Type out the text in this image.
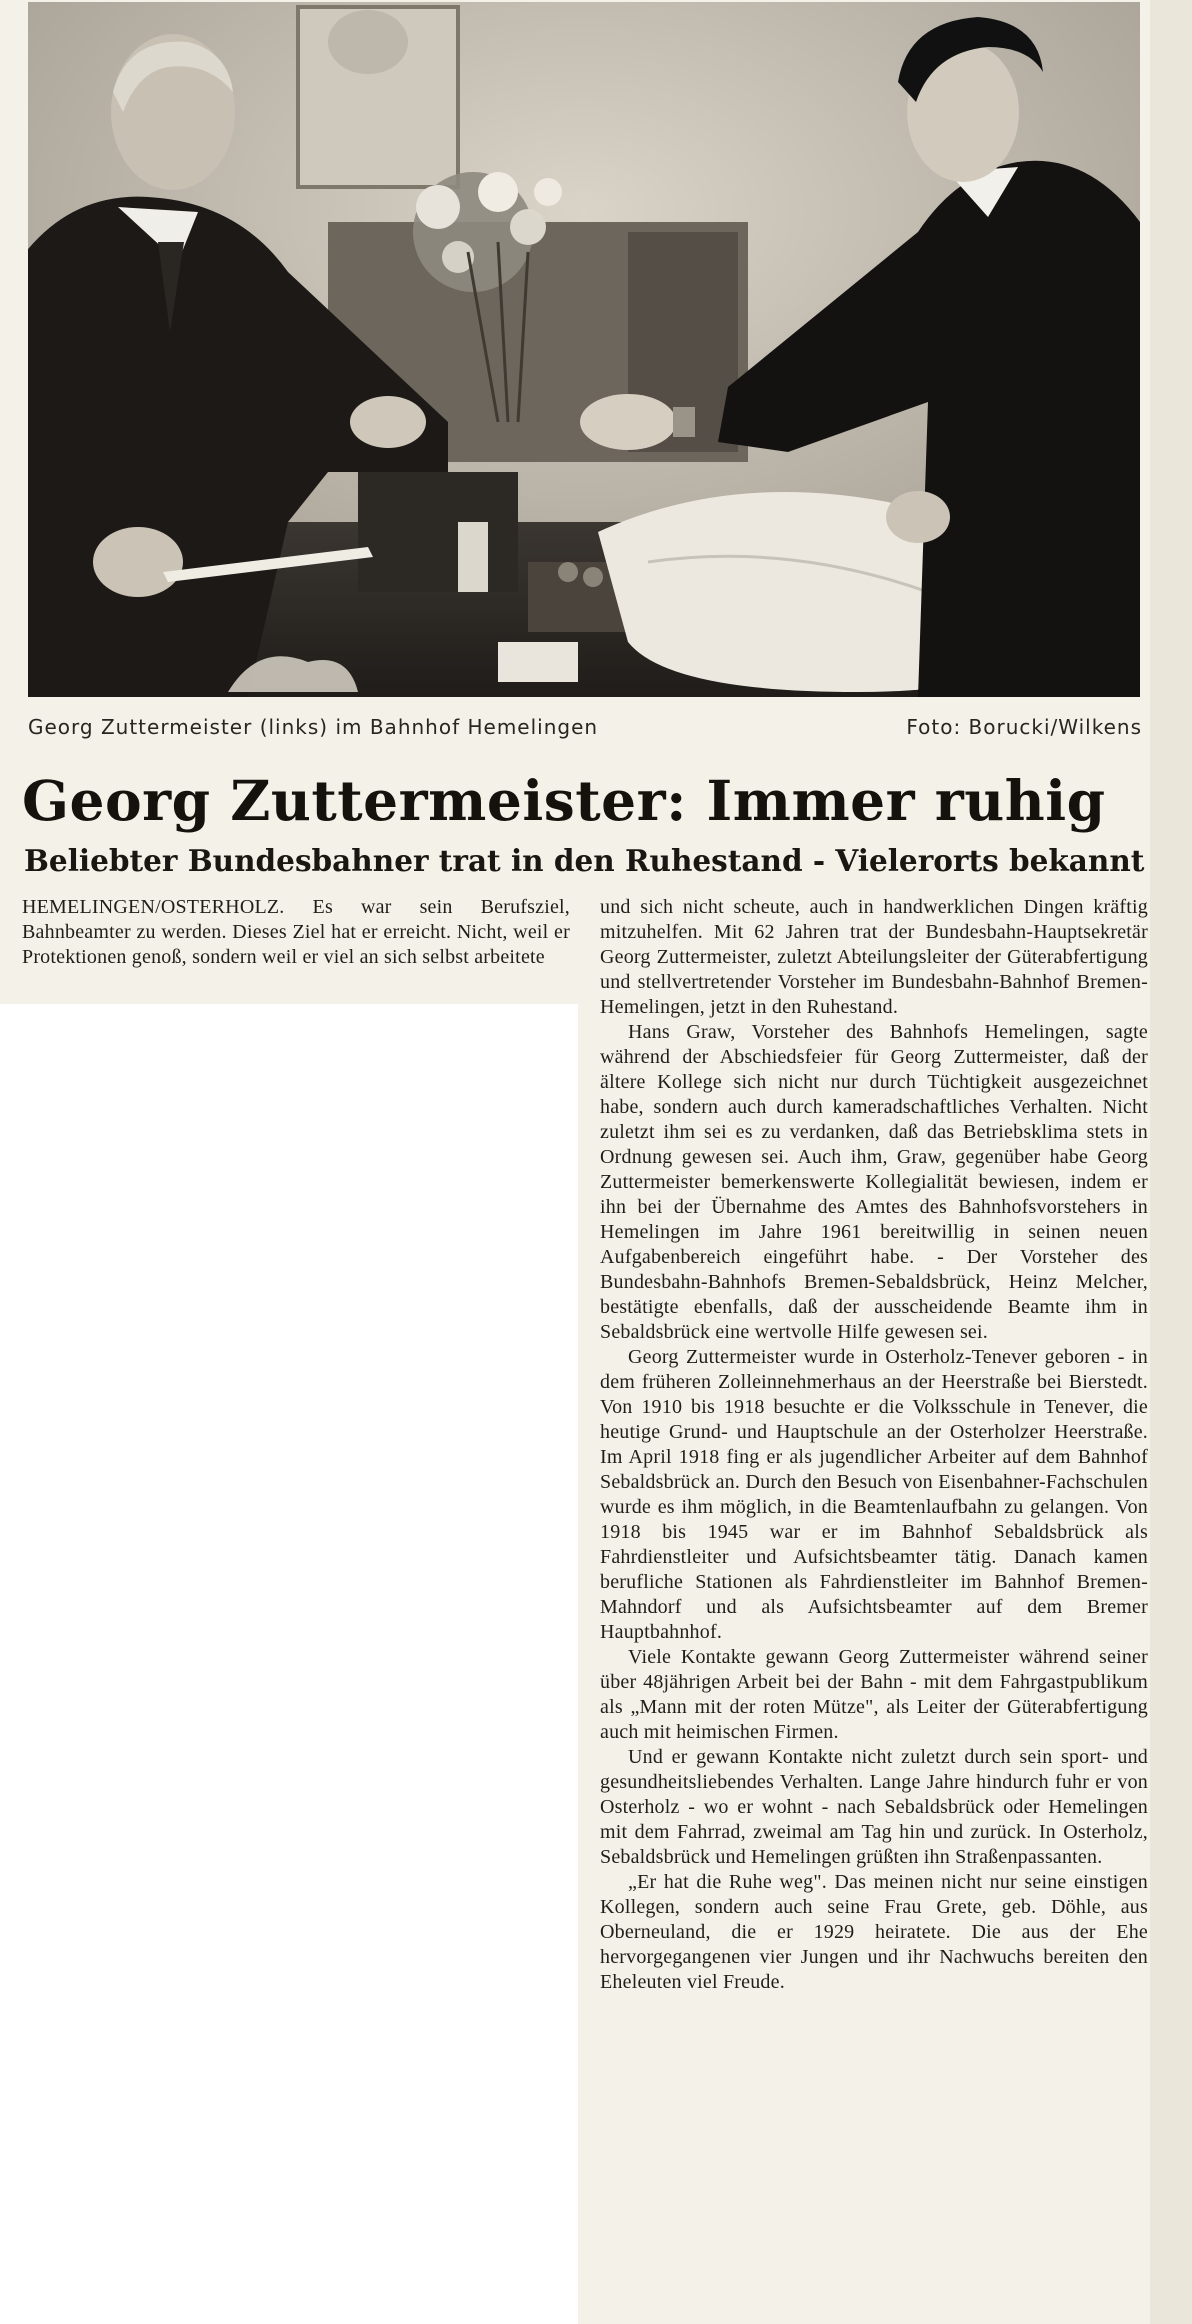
Georg Zuttermeister (links) im Bahnhof Hemelingen	Foto: Borucki/Wilkens
Georg Zuttermeister: Immer ruhig
Beliebter Bundesbahner trat in den Ruhestand - Vielerorts bekannt

HEMELINGEN/OSTERHOLZ. Es war sein Berufsziel, Bahnbeamter zu werden. Dieses Ziel hat er erreicht. Nicht, weil er Protektionen genoß, sondern weil er viel an sich selbst arbeitete

und sich nicht scheute, auch in handwerklichen Dingen kräftig mitzuhelfen. Mit 62 Jahren trat der Bundesbahn-Hauptsekretär Georg Zuttermeister, zuletzt Abteilungsleiter der Güterabfertigung und stellvertretender Vorsteher im Bundesbahn-Bahnhof Bremen-Hemelingen, jetzt in den Ruhestand.

Hans Graw, Vorsteher des Bahnhofs Hemelingen, sagte während der Abschiedsfeier für Georg Zuttermeister, daß der ältere Kollege sich nicht nur durch Tüchtigkeit ausgezeichnet habe, sondern auch durch kameradschaftliches Verhalten. Nicht zuletzt ihm sei es zu verdanken, daß das Betriebsklima stets in Ordnung gewesen sei. Auch ihm, Graw, gegenüber habe Georg Zuttermeister bemerkenswerte Kollegialität bewiesen, indem er ihn bei der Übernahme des Amtes des Bahnhofsvorstehers in Hemelingen im Jahre 1961 bereitwillig in seinen neuen Aufgabenbereich eingeführt habe. - Der Vorsteher des Bundesbahn-Bahnhofs Bremen-Sebaldsbrück, Heinz Melcher, bestätigte ebenfalls, daß der ausscheidende Beamte ihm in Sebaldsbrück eine wertvolle Hilfe gewesen sei.

Georg Zuttermeister wurde in Osterholz-Tenever geboren - in dem früheren Zolleinnehmerhaus an der Heerstraße bei Bierstedt. Von 1910 bis 1918 besuchte er die Volksschule in Tenever, die heutige Grund- und Hauptschule an der Osterholzer Heerstraße. Im April 1918 fing er als jugendlicher Arbeiter auf dem Bahnhof Sebaldsbrück an. Durch den Besuch von Eisenbahner-Fachschulen wurde es ihm möglich, in die Beamtenlaufbahn zu gelangen. Von 1918 bis 1945 war er im Bahnhof Sebaldsbrück als Fahrdienstleiter und Aufsichtsbeamter tätig. Danach kamen berufliche Stationen als Fahrdienstleiter im Bahnhof Bremen-Mahndorf und als Aufsichtsbeamter auf dem Bremer Hauptbahnhof.

Viele Kontakte gewann Georg Zuttermeister während seiner über 48jährigen Arbeit bei der Bahn - mit dem Fahrgastpublikum als „Mann mit der roten Mütze", als Leiter der Güterabfertigung auch mit heimischen Firmen.

Und er gewann Kontakte nicht zuletzt durch sein sport- und gesundheitsliebendes Verhalten. Lange Jahre hindurch fuhr er von Osterholz - wo er wohnt - nach Sebaldsbrück oder Hemelingen mit dem Fahrrad, zweimal am Tag hin und zurück. In Osterholz, Sebaldsbrück und Hemelingen grüßten ihn Straßenpassanten.

„Er hat die Ruhe weg". Das meinen nicht nur seine einstigen Kollegen, sondern auch seine Frau Grete, geb. Döhle, aus Oberneuland, die er 1929 heiratete. Die aus der Ehe hervorgegangenen vier Jungen und ihr Nachwuchs bereiten den Eheleuten viel Freude.
